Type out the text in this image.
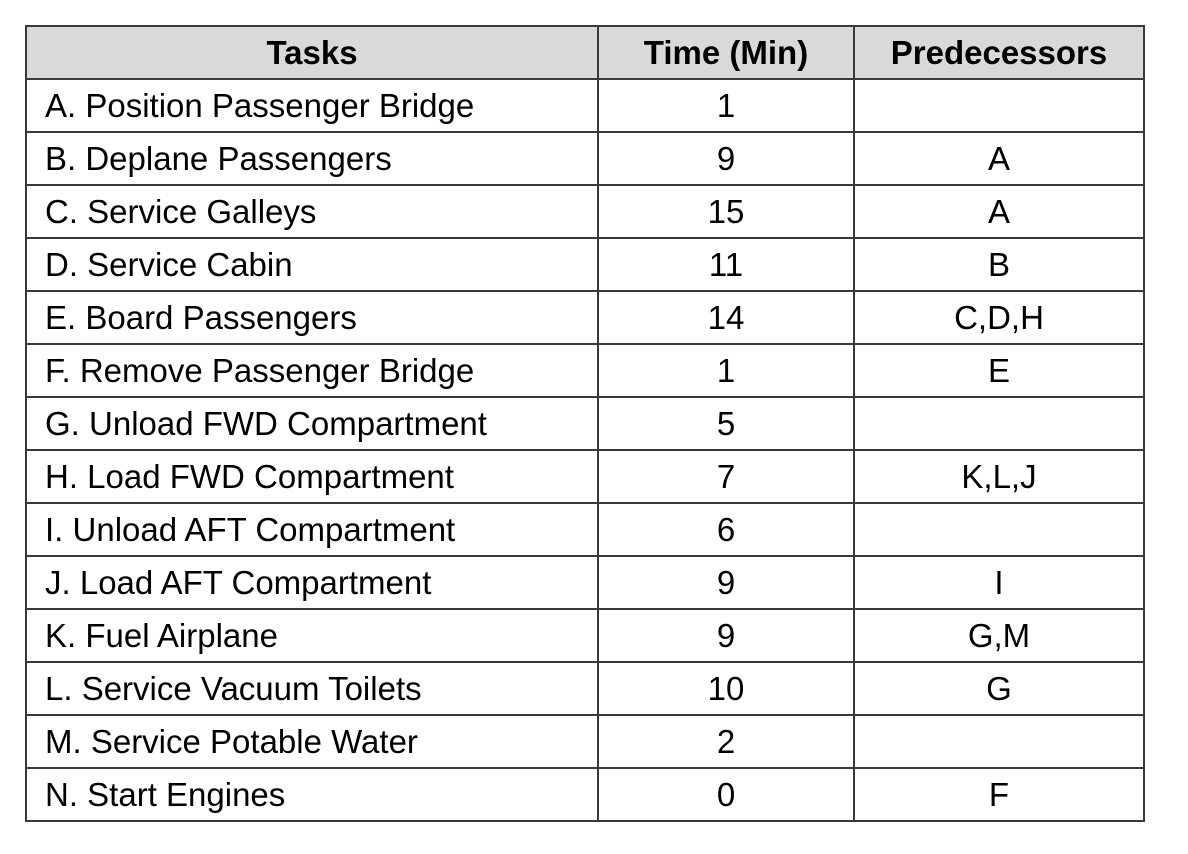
Tasks	Time (Min)	Predecessors
A. Position Passenger Bridge	1	
B. Deplane Passengers	9	A
C. Service Galleys	15	A
D. Service Cabin	11	B
E. Board Passengers	14	C,D,H
F. Remove Passenger Bridge	1	E
G. Unload FWD Compartment	5	
H. Load FWD Compartment	7	K,L,J
I. Unload AFT Compartment	6	
J. Load AFT Compartment	9	I
K. Fuel Airplane	9	G,M
L. Service Vacuum Toilets	10	G
M. Service Potable Water	2	
N. Start Engines	0	F
